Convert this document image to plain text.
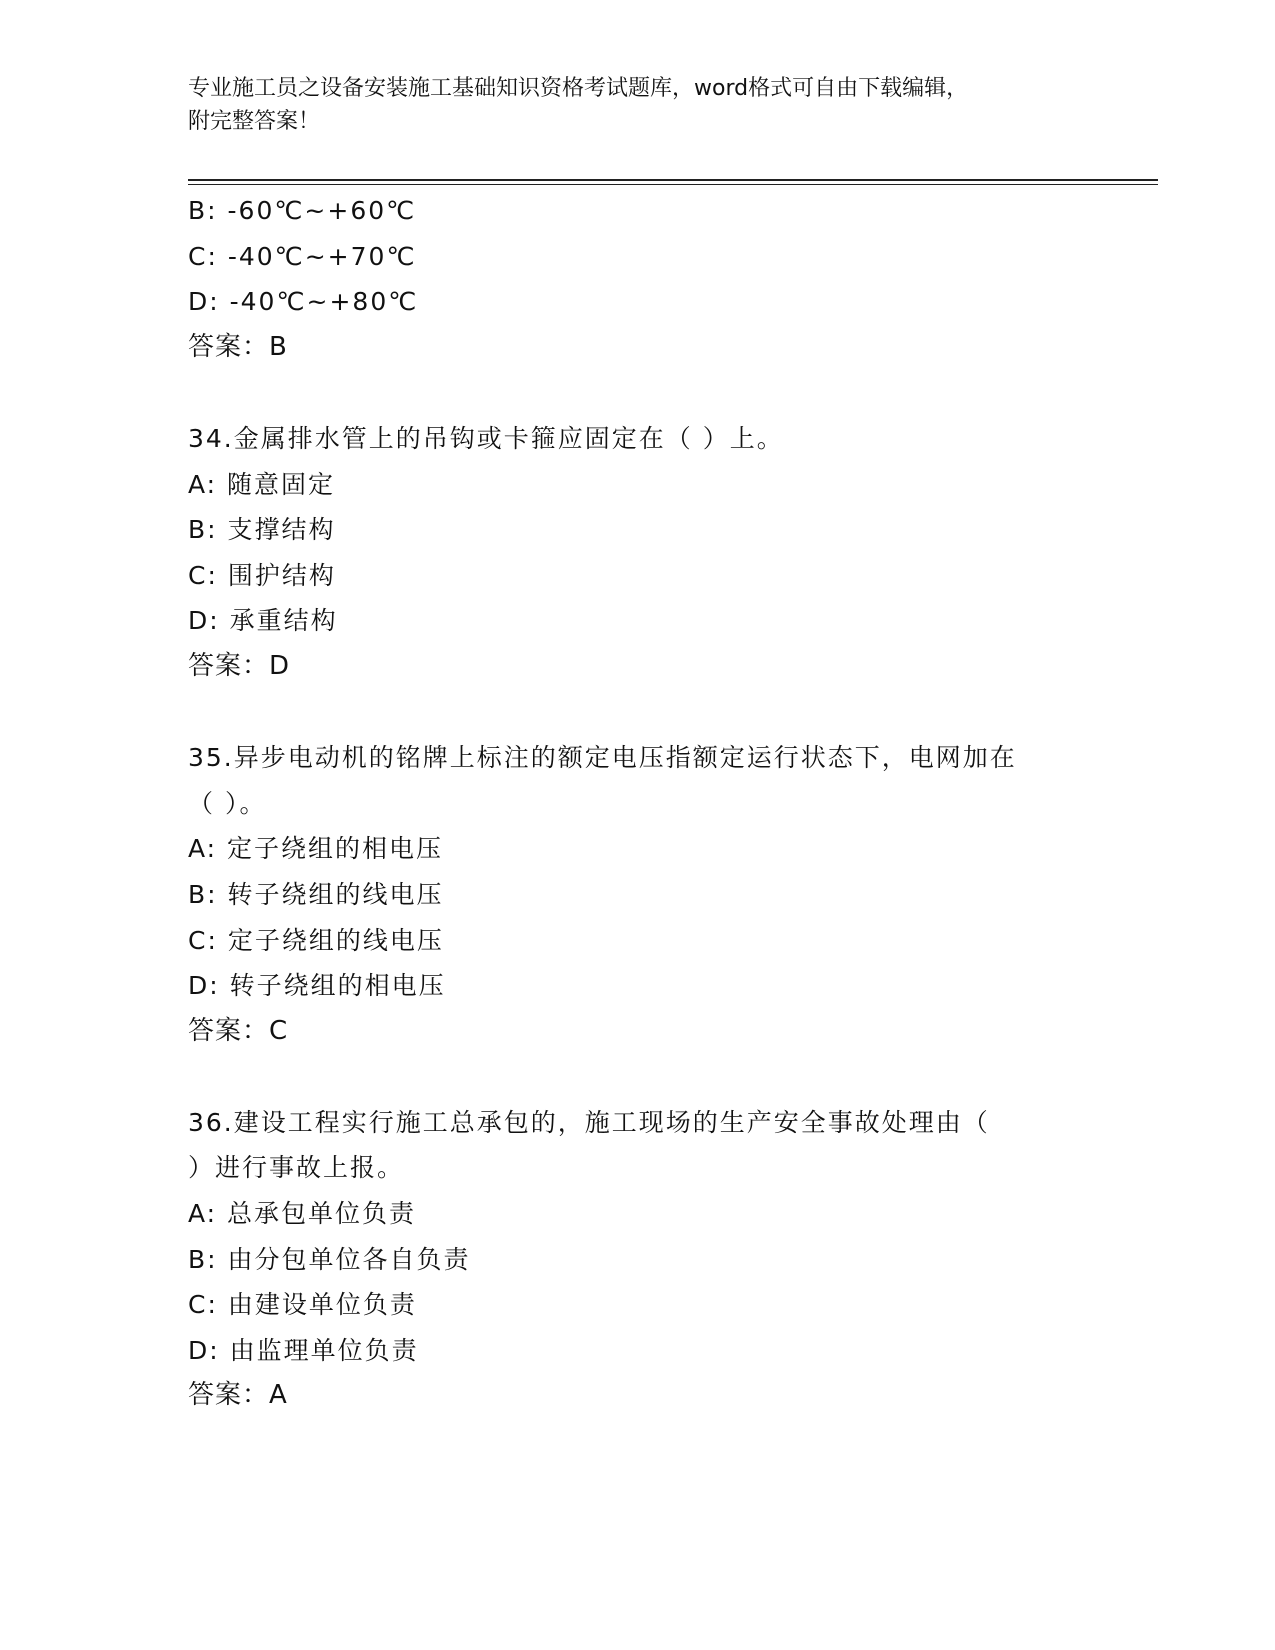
专业施工员之设备安装施工基础知识资格考试题库，word格式可自由下载编辑，
附完整答案！
B: -60℃~+60℃
C: -40℃~+70℃
D: -40℃~+80℃
答案：B
34.金属排水管上的吊钩或卡箍应固定在（ ）上。
A: 随意固定
B: 支撑结构
C: 围护结构
D: 承重结构
答案：D
35.异步电动机的铭牌上标注的额定电压指额定运行状态下，电网加在
（ ）。
A: 定子绕组的相电压
B: 转子绕组的线电压
C: 定子绕组的线电压
D: 转子绕组的相电压
答案：C
36.建设工程实行施工总承包的，施工现场的生产安全事故处理由（
）进行事故上报。
A: 总承包单位负责
B: 由分包单位各自负责
C: 由建设单位负责
D: 由监理单位负责
答案：A
